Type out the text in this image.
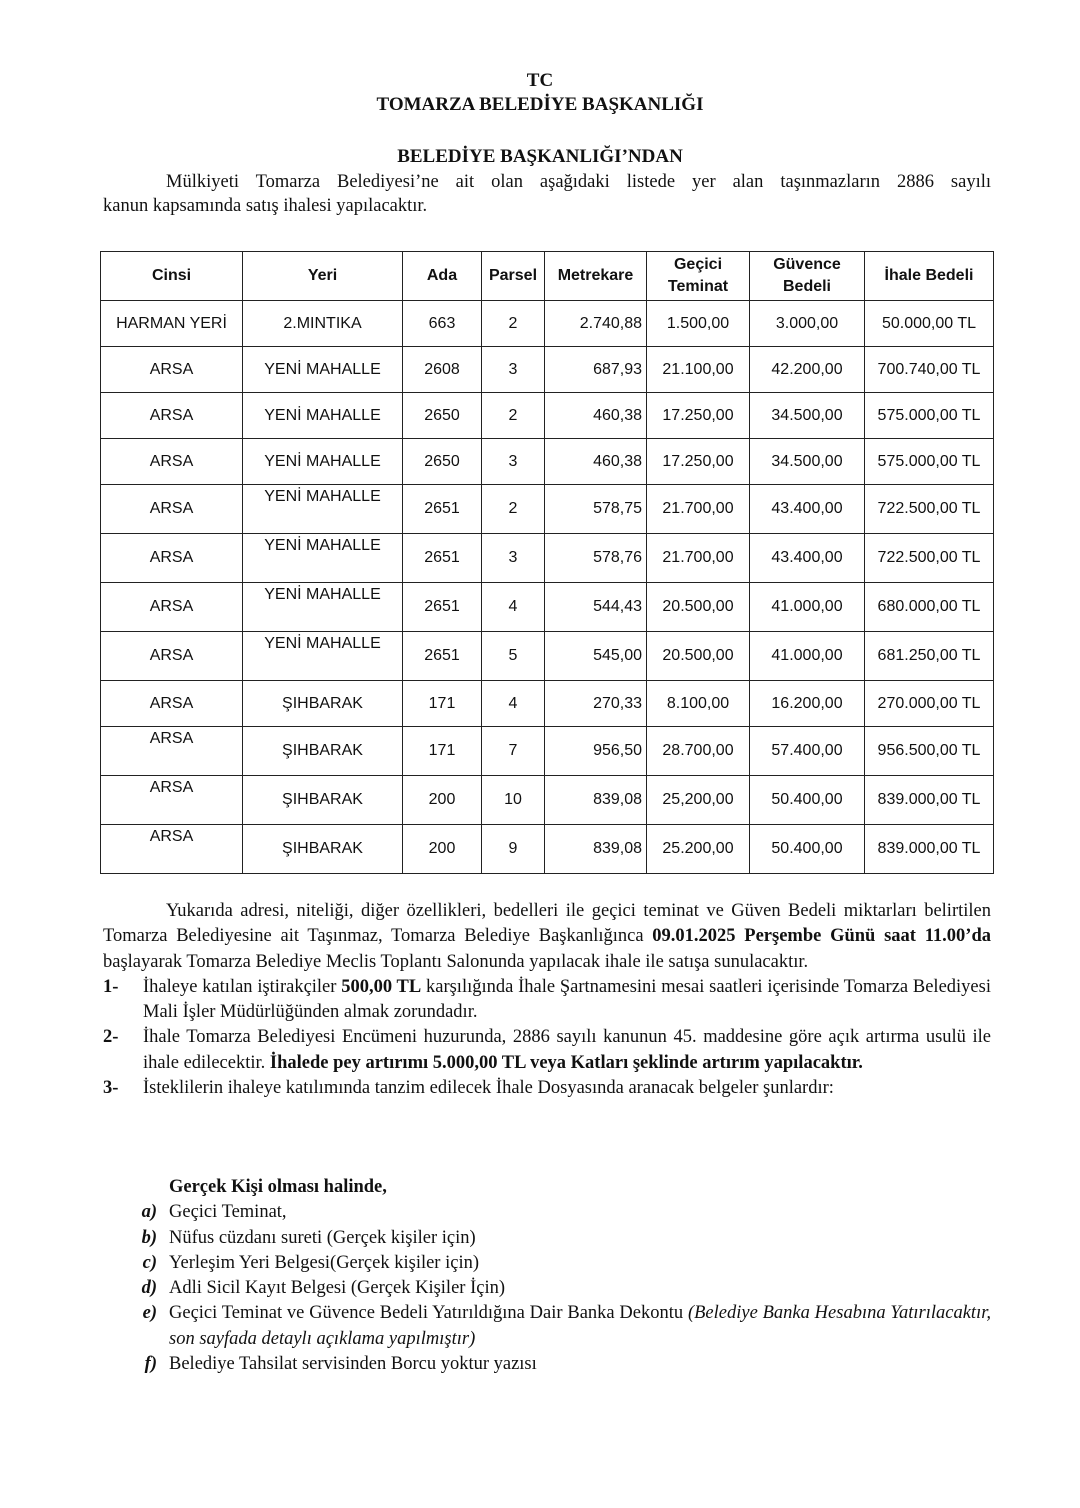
TC
TOMARZA BELEDİYE BAŞKANLIĞI
BELEDİYE BAŞKANLIĞI’NDAN
Mülkiyeti Tomarza Belediyesi’ne ait olan aşağıdaki listede yer alan taşınmazların 2886 sayılı
kanun kapsamında satış ihalesi yapılacaktır.
Cinsi	Yeri	Ada	Parsel	Metrekare	Geçici Teminat	Güvence Bedeli	İhale Bedeli
HARMAN YERİ	2.MINTIKA	663	2	2.740,88	1.500,00	3.000,00	50.000,00 TL
ARSA	YENİ MAHALLE	2608	3	687,93	21.100,00	42.200,00	700.740,00 TL
ARSA	YENİ MAHALLE	2650	2	460,38	17.250,00	34.500,00	575.000,00 TL
ARSA	YENİ MAHALLE	2650	3	460,38	17.250,00	34.500,00	575.000,00 TL
ARSA	YENİ MAHALLE	2651	2	578,75	21.700,00	43.400,00	722.500,00 TL
ARSA	YENİ MAHALLE	2651	3	578,76	21.700,00	43.400,00	722.500,00 TL
ARSA	YENİ MAHALLE	2651	4	544,43	20.500,00	41.000,00	680.000,00 TL
ARSA	YENİ MAHALLE	2651	5	545,00	20.500,00	41.000,00	681.250,00 TL
ARSA	ŞIHBARAK	171	4	270,33	8.100,00	16.200,00	270.000,00 TL
ARSA	ŞIHBARAK	171	7	956,50	28.700,00	57.400,00	956.500,00 TL
ARSA	ŞIHBARAK	200	10	839,08	25,200,00	50.400,00	839.000,00 TL
ARSA	ŞIHBARAK	200	9	839,08	25.200,00	50.400,00	839.000,00 TL
Yukarıda adresi, niteliği, diğer özellikleri, bedelleri ile geçici teminat ve Güven Bedeli miktarları belirtilen Tomarza Belediyesine ait Taşınmaz, Tomarza Belediye Başkanlığınca 09.01.2025 Perşembe Günü saat 11.00’da başlayarak Tomarza Belediye Meclis Toplantı Salonunda yapılacak ihale ile satışa sunulacaktır.
1-	İhaleye katılan iştirakçiler 500,00 TL karşılığında İhale Şartnamesini mesai saatleri içerisinde Tomarza Belediyesi Mali İşler Müdürlüğünden almak zorundadır.
2-	İhale Tomarza Belediyesi Encümeni huzurunda, 2886 sayılı kanunun 45. maddesine göre açık artırma usulü ile ihale edilecektir. İhalede pey artırımı 5.000,00 TL veya Katları şeklinde artırım yapılacaktır.
3-	İsteklilerin ihaleye katılımında tanzim edilecek İhale Dosyasında aranacak belgeler şunlardır:
Gerçek Kişi olması halinde,
a) Geçici Teminat,
b) Nüfus cüzdanı sureti (Gerçek kişiler için)
c) Yerleşim Yeri Belgesi(Gerçek kişiler için)
d) Adli Sicil Kayıt Belgesi (Gerçek Kişiler İçin)
e) Geçici Teminat ve Güvence Bedeli Yatırıldığına Dair Banka Dekontu (Belediye Banka Hesabına Yatırılacaktır, son sayfada detaylı açıklama yapılmıştır)
f) Belediye Tahsilat servisinden Borcu yoktur yazısı
